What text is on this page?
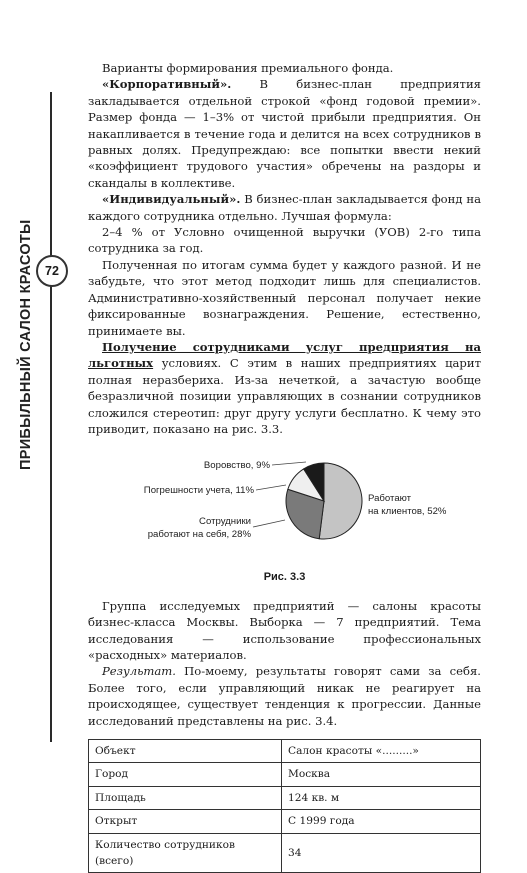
ПРИБЫЛЬНЫЙ САЛОН КРАСОТЫ 72

Варианты формирования премиального фонда.

«Корпоративный». В бизнес-план предприятия закладывается отдельной строкой «фонд годовой премии». Размер фонда — 1–3% от чистой прибыли предприятия. Он накапливается в течение года и делится на всех сотрудников в равных долях. Предупреждаю: все попытки ввести некий «коэффициент трудового участия» обречены на раздоры и скандалы в коллективе.

«Индивидуальный». В бизнес-план закладывается фонд на каждого сотрудника отдельно. Лучшая формула:

2–4 % от Условно очищенной выручки (УОВ) 2-го типа сотрудника за год.

Полученная по итогам сумма будет у каждого разной. И не забудьте, что этот метод подходит лишь для специалистов. Административно-хозяйственный персонал получает некие фиксированные вознаграждения. Решение, естественно, принимаете вы.

Получение сотрудниками услуг предприятия на льготных условиях. С этим в наших предприятиях царит полная неразбериха. Из-за нечеткой, а зачастую вообще безразличной позиции управляющих в сознании сотрудников сложился стереотип: друг другу услуги бесплатно. К чему это приводит, показано на рис. 3.3.

Воровство, 9%
Погрешности учета, 11%
Сотрудники
работают на себя, 28%
Работают
на клиентов, 52%
Рис. 3.3

Группа исследуемых предприятий — салоны красоты бизнес-класса Москвы. Выборка — 7 предприятий. Тема исследования — использование профессиональных «расходных» материалов.

Результат. По-моему, результаты говорят сами за себя. Более того, если управляющий никак не реагирует на происходящее, существует тенденция к прогрессии. Данные исследований представлены на рис. 3.4.

Объект	Салон красоты «.........»
Город	Москва
Площадь	124 кв. м
Открыт	С 1999 года
Количество сотрудников (всего)	34
